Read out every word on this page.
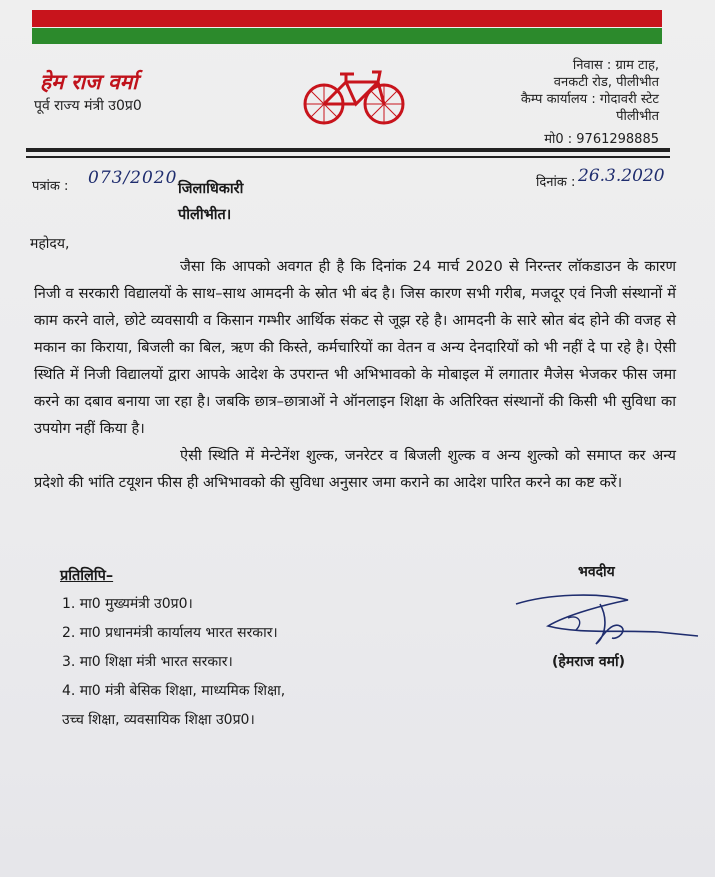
हेम राज वर्मा
पूर्व राज्य मंत्री उ0प्र0
निवास : ग्राम टाह,
वनकटी रोड, पीलीभीत
कैम्प कार्यालय : गोदावरी स्टेट
पीलीभीत
मो0 : 9761298885
पत्रांक : 073/2020
जिलाधिकारी
पीलीभीत।
दिनांक : 26.3.2020
महोदय,

जैसा कि आपको अवगत ही है कि दिनांक 24 मार्च 2020 से निरन्तर लॉकडाउन के कारण निजी व सरकारी विद्यालयों के साथ–साथ आमदनी के स्रोत भी बंद है। जिस कारण सभी गरीब, मजदूर एवं निजी संस्थानों में काम करने वाले, छोटे व्यवसायी व किसान गम्भीर आर्थिक संकट से जूझ रहे है। आमदनी के सारे स्रोत बंद होने की वजह से मकान का किराया, बिजली का बिल, ऋण की किस्ते, कर्मचारियों का वेतन व अन्य देनदारियों को भी नहीं दे पा रहे है। ऐसी स्थिति में निजी विद्यालयों द्वारा आपके आदेश के उपरान्त भी अभिभावको के मोबाइल में लगातार मैजेस भेजकर फीस जमा करने का दबाव बनाया जा रहा है। जबकि छात्र–छात्राओं ने ऑनलाइन शिक्षा के अतिरिक्त संस्थानों की किसी भी सुविधा का उपयोग नहीं किया है।

ऐसी स्थिति में मेन्टेनेंश शुल्क, जनरेटर व बिजली शुल्क व अन्य शुल्को को समाप्त कर अन्य प्रदेशो की भांति टयूशन फीस ही अभिभावको की सुविधा अनुसार जमा कराने का आदेश पारित करने का कष्ट करें।

प्रतिलिपि–
1. मा0 मुख्यमंत्री उ0प्र0।
2. मा0 प्रधानमंत्री कार्यालय भारत सरकार।
3. मा0 शिक्षा मंत्री भारत सरकार।
4. मा0 मंत्री बेसिक शिक्षा, माध्यमिक शिक्षा,
उच्च शिक्षा, व्यवसायिक शिक्षा उ0प्र0।
भवदीय
(हेमराज वर्मा)
